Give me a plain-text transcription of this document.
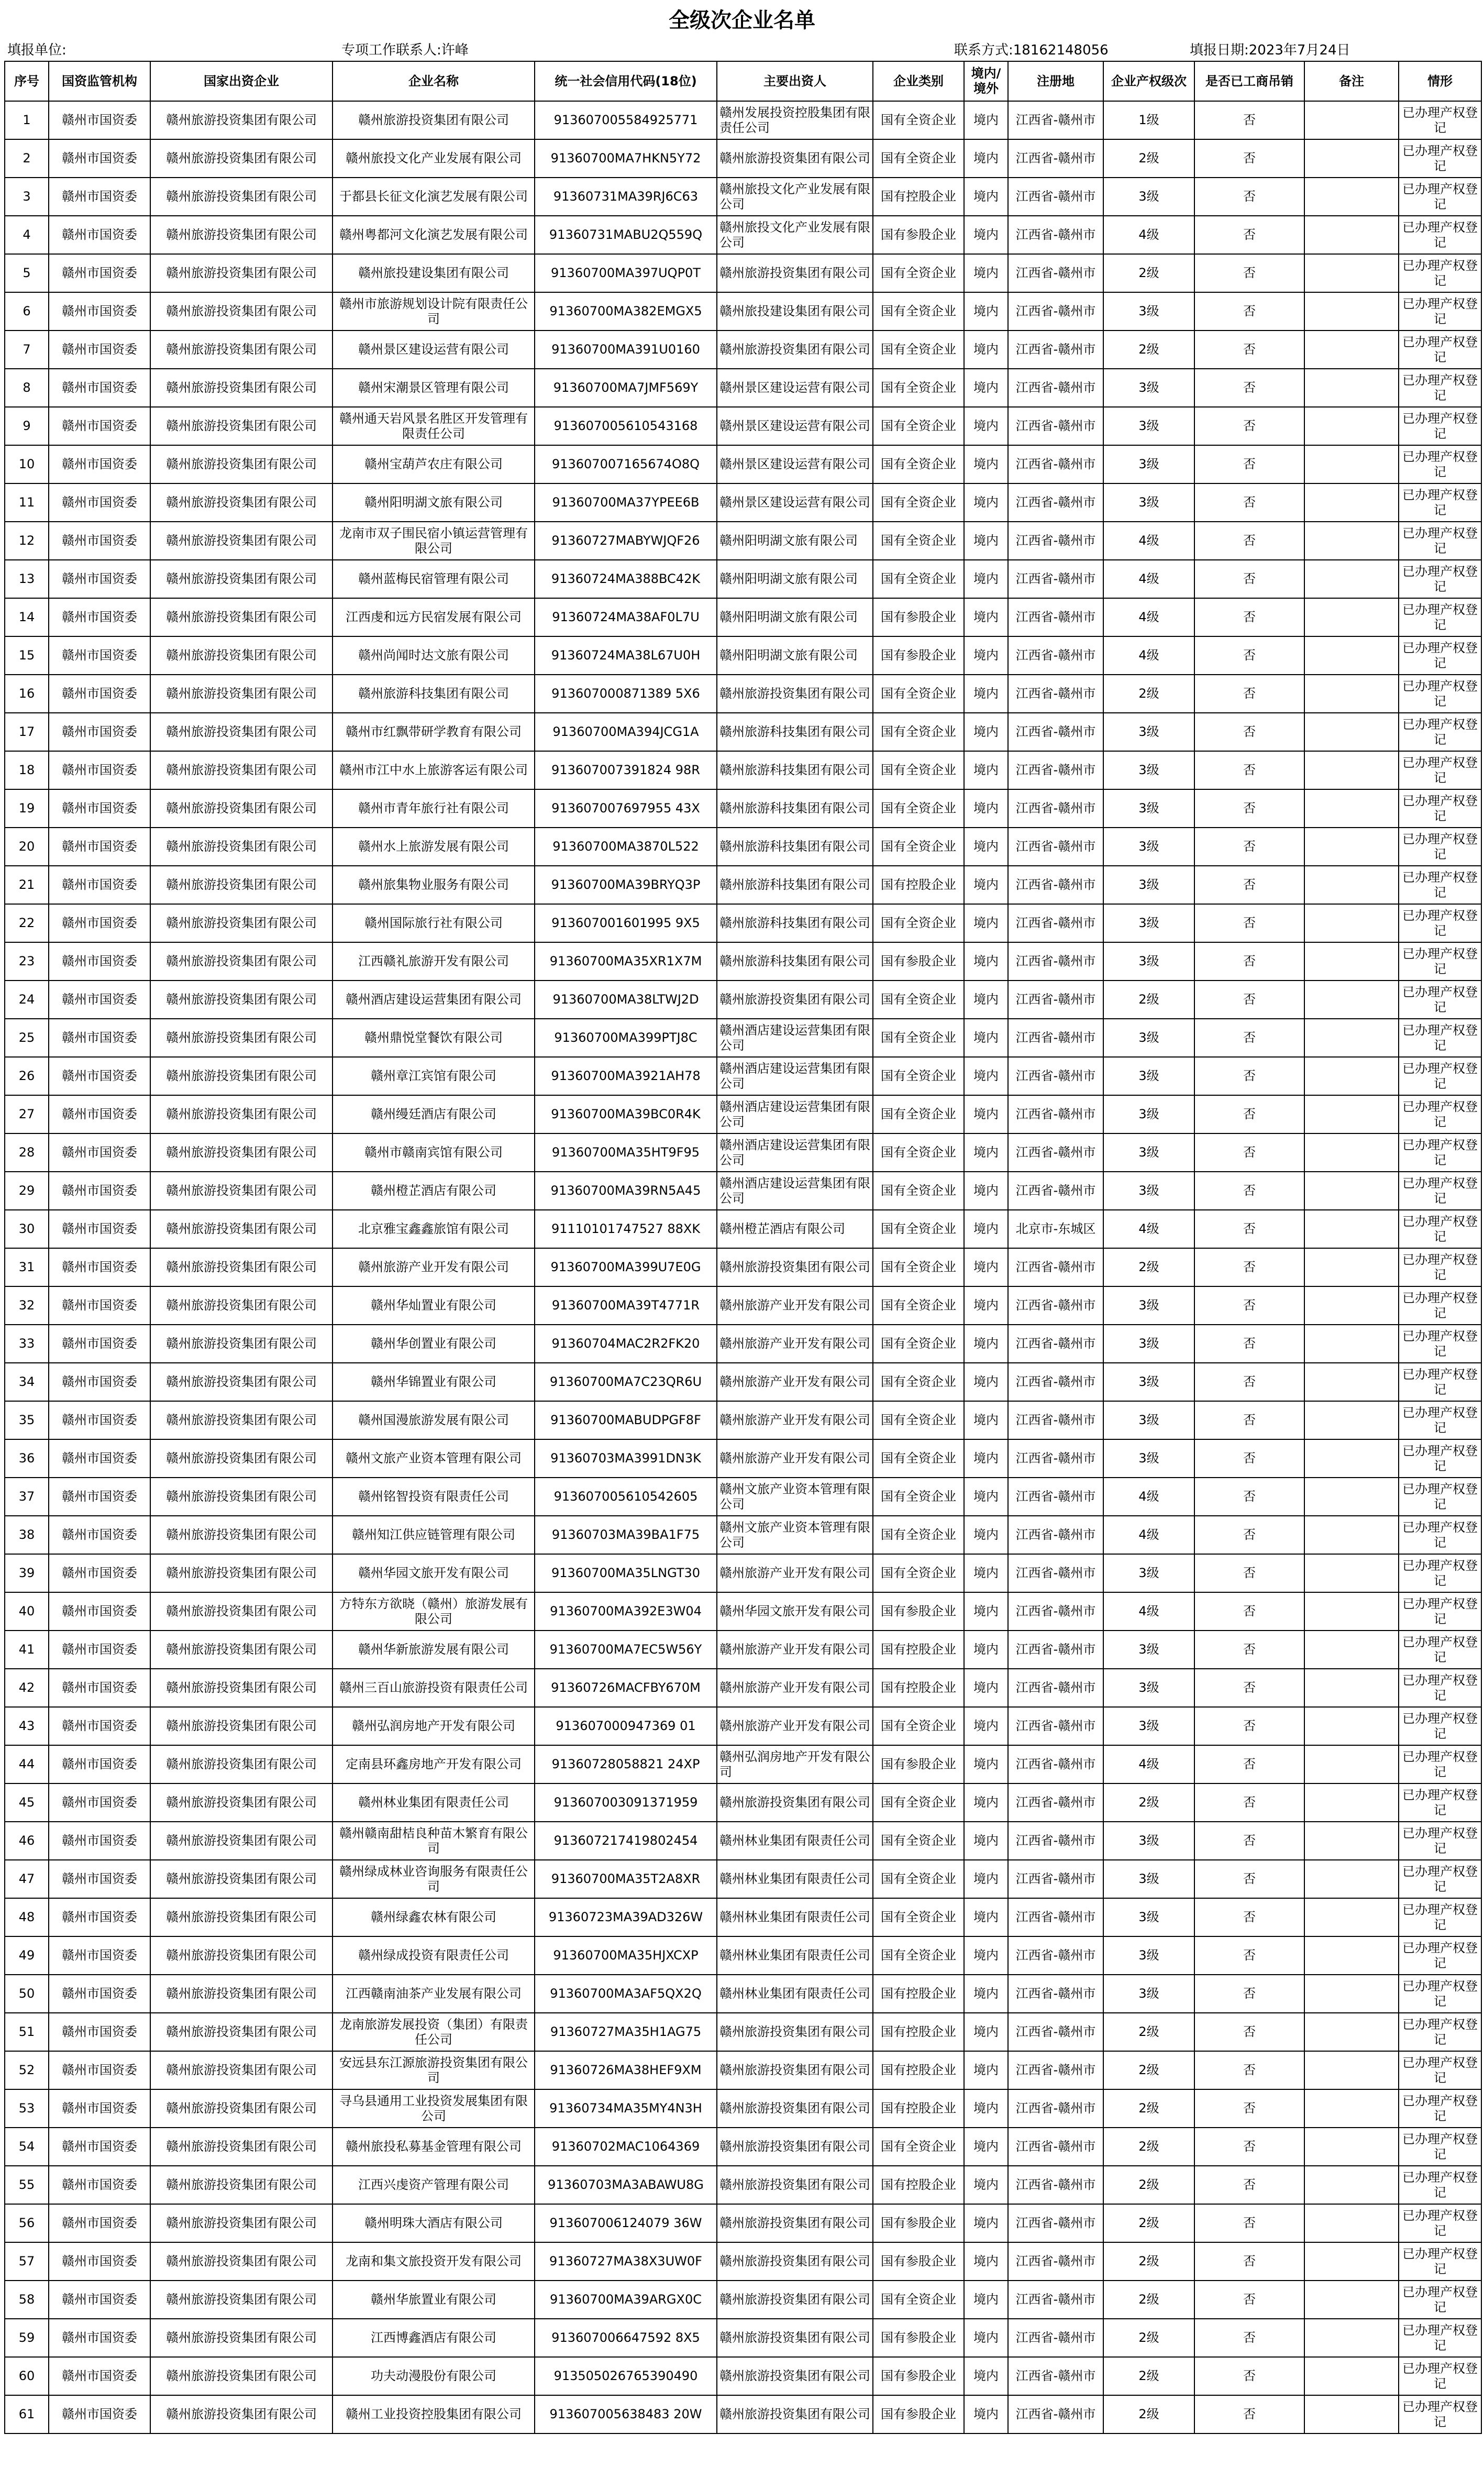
全级次企业名单
填报单位:	专项工作联系人:许峰	联系方式:18162148056	填报日期:2023年7月24日
序号	国资监管机构	国家出资企业	企业名称	统一社会信用代码(18位)	主要出资人	企业类别	境内/境外	注册地	企业产权级次	是否已工商吊销	备注	情形
1	赣州市国资委	赣州旅游投资集团有限公司	赣州旅游投资集团有限公司	913607005584925771	赣州发展投资控股集团有限责任公司	国有全资企业	境内	江西省-赣州市	1级	否		已办理产权登记
2	赣州市国资委	赣州旅游投资集团有限公司	赣州旅投文化产业发展有限公司	91360700MA7HKN5Y72	赣州旅游投资集团有限公司	国有全资企业	境内	江西省-赣州市	2级	否		已办理产权登记
3	赣州市国资委	赣州旅游投资集团有限公司	于都县长征文化演艺发展有限公司	91360731MA39RJ6C63	赣州旅投文化产业发展有限公司	国有控股企业	境内	江西省-赣州市	3级	否		已办理产权登记
4	赣州市国资委	赣州旅游投资集团有限公司	赣州粤都河文化演艺发展有限公司	91360731MABU2Q559Q	赣州旅投文化产业发展有限公司	国有参股企业	境内	江西省-赣州市	4级	否		已办理产权登记
5	赣州市国资委	赣州旅游投资集团有限公司	赣州旅投建设集团有限公司	91360700MA397UQP0T	赣州旅游投资集团有限公司	国有全资企业	境内	江西省-赣州市	2级	否		已办理产权登记
6	赣州市国资委	赣州旅游投资集团有限公司	赣州市旅游规划设计院有限责任公司	91360700MA382EMGX5	赣州旅投建设集团有限公司	国有全资企业	境内	江西省-赣州市	3级	否		已办理产权登记
7	赣州市国资委	赣州旅游投资集团有限公司	赣州景区建设运营有限公司	91360700MA391U0160	赣州旅游投资集团有限公司	国有全资企业	境内	江西省-赣州市	2级	否		已办理产权登记
8	赣州市国资委	赣州旅游投资集团有限公司	赣州宋潮景区管理有限公司	91360700MA7JMF569Y	赣州景区建设运营有限公司	国有全资企业	境内	江西省-赣州市	3级	否		已办理产权登记
9	赣州市国资委	赣州旅游投资集团有限公司	赣州通天岩风景名胜区开发管理有限责任公司	913607005610543168	赣州景区建设运营有限公司	国有全资企业	境内	江西省-赣州市	3级	否		已办理产权登记
10	赣州市国资委	赣州旅游投资集团有限公司	赣州宝葫芦农庄有限公司	913607007165674O8Q	赣州景区建设运营有限公司	国有全资企业	境内	江西省-赣州市	3级	否		已办理产权登记
11	赣州市国资委	赣州旅游投资集团有限公司	赣州阳明湖文旅有限公司	91360700MA37YPEE6B	赣州景区建设运营有限公司	国有全资企业	境内	江西省-赣州市	3级	否		已办理产权登记
12	赣州市国资委	赣州旅游投资集团有限公司	龙南市双子围民宿小镇运营管理有限公司	91360727MABYWJQF26	赣州阳明湖文旅有限公司	国有全资企业	境内	江西省-赣州市	4级	否		已办理产权登记
13	赣州市国资委	赣州旅游投资集团有限公司	赣州蓝梅民宿管理有限公司	91360724MA388BC42K	赣州阳明湖文旅有限公司	国有全资企业	境内	江西省-赣州市	4级	否		已办理产权登记
14	赣州市国资委	赣州旅游投资集团有限公司	江西虔和远方民宿发展有限公司	91360724MA38AF0L7U	赣州阳明湖文旅有限公司	国有参股企业	境内	江西省-赣州市	4级	否		已办理产权登记
15	赣州市国资委	赣州旅游投资集团有限公司	赣州尚闻时达文旅有限公司	91360724MA38L67U0H	赣州阳明湖文旅有限公司	国有参股企业	境内	江西省-赣州市	4级	否		已办理产权登记
16	赣州市国资委	赣州旅游投资集团有限公司	赣州旅游科技集团有限公司	913607000871389 5X6	赣州旅游投资集团有限公司	国有全资企业	境内	江西省-赣州市	2级	否		已办理产权登记
17	赣州市国资委	赣州旅游投资集团有限公司	赣州市红飘带研学教育有限公司	91360700MA394JCG1A	赣州旅游科技集团有限公司	国有全资企业	境内	江西省-赣州市	3级	否		已办理产权登记
18	赣州市国资委	赣州旅游投资集团有限公司	赣州市江中水上旅游客运有限公司	913607007391824 98R	赣州旅游科技集团有限公司	国有全资企业	境内	江西省-赣州市	3级	否		已办理产权登记
19	赣州市国资委	赣州旅游投资集团有限公司	赣州市青年旅行社有限公司	913607007697955 43X	赣州旅游科技集团有限公司	国有全资企业	境内	江西省-赣州市	3级	否		已办理产权登记
20	赣州市国资委	赣州旅游投资集团有限公司	赣州水上旅游发展有限公司	91360700MA3870L522	赣州旅游科技集团有限公司	国有全资企业	境内	江西省-赣州市	3级	否		已办理产权登记
21	赣州市国资委	赣州旅游投资集团有限公司	赣州旅集物业服务有限公司	91360700MA39BRYQ3P	赣州旅游科技集团有限公司	国有控股企业	境内	江西省-赣州市	3级	否		已办理产权登记
22	赣州市国资委	赣州旅游投资集团有限公司	赣州国际旅行社有限公司	913607001601995 9X5	赣州旅游科技集团有限公司	国有全资企业	境内	江西省-赣州市	3级	否		已办理产权登记
23	赣州市国资委	赣州旅游投资集团有限公司	江西赣礼旅游开发有限公司	91360700MA35XR1X7M	赣州旅游科技集团有限公司	国有参股企业	境内	江西省-赣州市	3级	否		已办理产权登记
24	赣州市国资委	赣州旅游投资集团有限公司	赣州酒店建设运营集团有限公司	91360700MA38LTWJ2D	赣州旅游投资集团有限公司	国有全资企业	境内	江西省-赣州市	2级	否		已办理产权登记
25	赣州市国资委	赣州旅游投资集团有限公司	赣州鼎悦堂餐饮有限公司	91360700MA399PTJ8C	赣州酒店建设运营集团有限公司	国有全资企业	境内	江西省-赣州市	3级	否		已办理产权登记
26	赣州市国资委	赣州旅游投资集团有限公司	赣州章江宾馆有限公司	91360700MA3921AH78	赣州酒店建设运营集团有限公司	国有全资企业	境内	江西省-赣州市	3级	否		已办理产权登记
27	赣州市国资委	赣州旅游投资集团有限公司	赣州缦廷酒店有限公司	91360700MA39BC0R4K	赣州酒店建设运营集团有限公司	国有全资企业	境内	江西省-赣州市	3级	否		已办理产权登记
28	赣州市国资委	赣州旅游投资集团有限公司	赣州市赣南宾馆有限公司	91360700MA35HT9F95	赣州酒店建设运营集团有限公司	国有全资企业	境内	江西省-赣州市	3级	否		已办理产权登记
29	赣州市国资委	赣州旅游投资集团有限公司	赣州橙芷酒店有限公司	91360700MA39RN5A45	赣州酒店建设运营集团有限公司	国有全资企业	境内	江西省-赣州市	3级	否		已办理产权登记
30	赣州市国资委	赣州旅游投资集团有限公司	北京雅宝鑫鑫旅馆有限公司	91110101747527 88XK	赣州橙芷酒店有限公司	国有全资企业	境内	北京市-东城区	4级	否		已办理产权登记
31	赣州市国资委	赣州旅游投资集团有限公司	赣州旅游产业开发有限公司	91360700MA399U7E0G	赣州旅游投资集团有限公司	国有全资企业	境内	江西省-赣州市	2级	否		已办理产权登记
32	赣州市国资委	赣州旅游投资集团有限公司	赣州华灿置业有限公司	91360700MA39T4771R	赣州旅游产业开发有限公司	国有全资企业	境内	江西省-赣州市	3级	否		已办理产权登记
33	赣州市国资委	赣州旅游投资集团有限公司	赣州华创置业有限公司	91360704MAC2R2FK20	赣州旅游产业开发有限公司	国有全资企业	境内	江西省-赣州市	3级	否		已办理产权登记
34	赣州市国资委	赣州旅游投资集团有限公司	赣州华锦置业有限公司	91360700MA7C23QR6U	赣州旅游产业开发有限公司	国有全资企业	境内	江西省-赣州市	3级	否		已办理产权登记
35	赣州市国资委	赣州旅游投资集团有限公司	赣州国漫旅游发展有限公司	91360700MABUDPGF8F	赣州旅游产业开发有限公司	国有全资企业	境内	江西省-赣州市	3级	否		已办理产权登记
36	赣州市国资委	赣州旅游投资集团有限公司	赣州文旅产业资本管理有限公司	91360703MA3991DN3K	赣州旅游产业开发有限公司	国有全资企业	境内	江西省-赣州市	3级	否		已办理产权登记
37	赣州市国资委	赣州旅游投资集团有限公司	赣州铭智投资有限责任公司	913607005610542605	赣州文旅产业资本管理有限公司	国有全资企业	境内	江西省-赣州市	4级	否		已办理产权登记
38	赣州市国资委	赣州旅游投资集团有限公司	赣州知江供应链管理有限公司	91360703MA39BA1F75	赣州文旅产业资本管理有限公司	国有全资企业	境内	江西省-赣州市	4级	否		已办理产权登记
39	赣州市国资委	赣州旅游投资集团有限公司	赣州华园文旅开发有限公司	91360700MA35LNGT30	赣州旅游产业开发有限公司	国有全资企业	境内	江西省-赣州市	3级	否		已办理产权登记
40	赣州市国资委	赣州旅游投资集团有限公司	方特东方欲晓（赣州）旅游发展有限公司	91360700MA392E3W04	赣州华园文旅开发有限公司	国有参股企业	境内	江西省-赣州市	4级	否		已办理产权登记
41	赣州市国资委	赣州旅游投资集团有限公司	赣州华新旅游发展有限公司	91360700MA7EC5W56Y	赣州旅游产业开发有限公司	国有控股企业	境内	江西省-赣州市	3级	否		已办理产权登记
42	赣州市国资委	赣州旅游投资集团有限公司	赣州三百山旅游投资有限责任公司	91360726MACFBY670M	赣州旅游产业开发有限公司	国有控股企业	境内	江西省-赣州市	3级	否		已办理产权登记
43	赣州市国资委	赣州旅游投资集团有限公司	赣州弘润房地产开发有限公司	913607000947369 01	赣州旅游产业开发有限公司	国有全资企业	境内	江西省-赣州市	3级	否		已办理产权登记
44	赣州市国资委	赣州旅游投资集团有限公司	定南县环鑫房地产开发有限公司	91360728058821 24XP	赣州弘润房地产开发有限公司	国有参股企业	境内	江西省-赣州市	4级	否		已办理产权登记
45	赣州市国资委	赣州旅游投资集团有限公司	赣州林业集团有限责任公司	913607003091371959	赣州旅游投资集团有限公司	国有全资企业	境内	江西省-赣州市	2级	否		已办理产权登记
46	赣州市国资委	赣州旅游投资集团有限公司	赣州赣南甜桔良种苗木繁育有限公司	913607217419802454	赣州林业集团有限责任公司	国有全资企业	境内	江西省-赣州市	3级	否		已办理产权登记
47	赣州市国资委	赣州旅游投资集团有限公司	赣州绿成林业咨询服务有限责任公司	91360700MA35T2A8XR	赣州林业集团有限责任公司	国有全资企业	境内	江西省-赣州市	3级	否		已办理产权登记
48	赣州市国资委	赣州旅游投资集团有限公司	赣州绿鑫农林有限公司	91360723MA39AD326W	赣州林业集团有限责任公司	国有全资企业	境内	江西省-赣州市	3级	否		已办理产权登记
49	赣州市国资委	赣州旅游投资集团有限公司	赣州绿成投资有限责任公司	91360700MA35HJXCXP	赣州林业集团有限责任公司	国有全资企业	境内	江西省-赣州市	3级	否		已办理产权登记
50	赣州市国资委	赣州旅游投资集团有限公司	江西赣南油茶产业发展有限公司	91360700MA3AF5QX2Q	赣州林业集团有限责任公司	国有控股企业	境内	江西省-赣州市	3级	否		已办理产权登记
51	赣州市国资委	赣州旅游投资集团有限公司	龙南旅游发展投资（集团）有限责任公司	91360727MA35H1AG75	赣州旅游投资集团有限公司	国有控股企业	境内	江西省-赣州市	2级	否		已办理产权登记
52	赣州市国资委	赣州旅游投资集团有限公司	安远县东江源旅游投资集团有限公司	91360726MA38HEF9XM	赣州旅游投资集团有限公司	国有控股企业	境内	江西省-赣州市	2级	否		已办理产权登记
53	赣州市国资委	赣州旅游投资集团有限公司	寻乌县通用工业投资发展集团有限公司	91360734MA35MY4N3H	赣州旅游投资集团有限公司	国有控股企业	境内	江西省-赣州市	2级	否		已办理产权登记
54	赣州市国资委	赣州旅游投资集团有限公司	赣州旅投私募基金管理有限公司	91360702MAC1064369	赣州旅游投资集团有限公司	国有全资企业	境内	江西省-赣州市	2级	否		已办理产权登记
55	赣州市国资委	赣州旅游投资集团有限公司	江西兴虔资产管理有限公司	91360703MA3ABAWU8G	赣州旅游投资集团有限公司	国有控股企业	境内	江西省-赣州市	2级	否		已办理产权登记
56	赣州市国资委	赣州旅游投资集团有限公司	赣州明珠大酒店有限公司	913607006124079 36W	赣州旅游投资集团有限公司	国有参股企业	境内	江西省-赣州市	2级	否		已办理产权登记
57	赣州市国资委	赣州旅游投资集团有限公司	龙南和集文旅投资开发有限公司	91360727MA38X3UW0F	赣州旅游投资集团有限公司	国有参股企业	境内	江西省-赣州市	2级	否		已办理产权登记
58	赣州市国资委	赣州旅游投资集团有限公司	赣州华旅置业有限公司	91360700MA39ARGX0C	赣州旅游投资集团有限公司	国有全资企业	境内	江西省-赣州市	2级	否		已办理产权登记
59	赣州市国资委	赣州旅游投资集团有限公司	江西博鑫酒店有限公司	913607006647592 8X5	赣州旅游投资集团有限公司	国有参股企业	境内	江西省-赣州市	2级	否		已办理产权登记
60	赣州市国资委	赣州旅游投资集团有限公司	功夫动漫股份有限公司	913505026765390490	赣州旅游投资集团有限公司	国有参股企业	境内	江西省-赣州市	2级	否		已办理产权登记
61	赣州市国资委	赣州旅游投资集团有限公司	赣州工业投资控股集团有限公司	913607005638483 20W	赣州旅游投资集团有限公司	国有参股企业	境内	江西省-赣州市	2级	否		已办理产权登记
